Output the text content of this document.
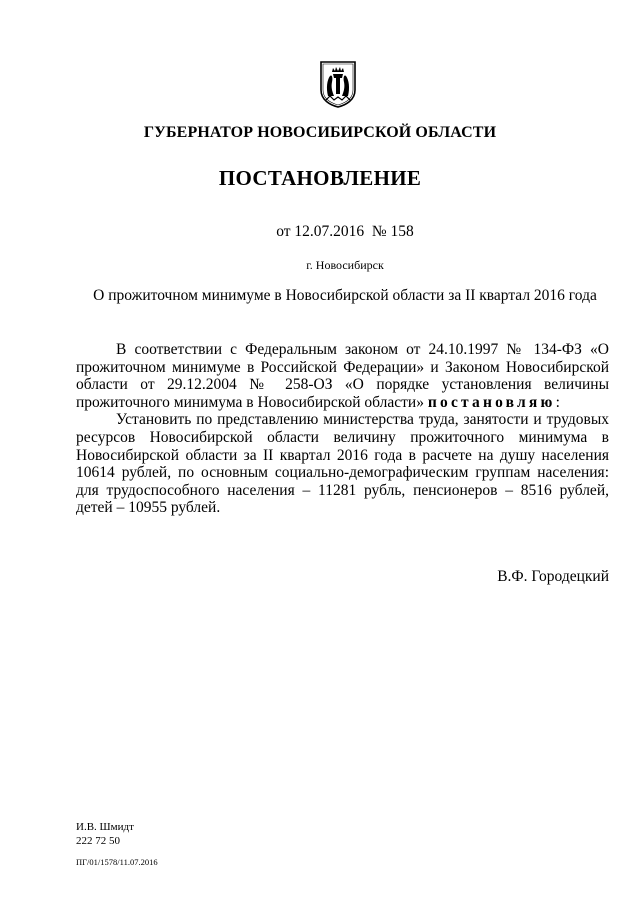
ГУБЕРНАТОР НОВОСИБИРСКОЙ ОБЛАСТИ
ПОСТАНОВЛЕНИЕ
от 12.07.2016  № 158
г. Новосибирск
О прожиточном минимуме в Новосибирской области за II квартал 2016 года

В соответствии с Федеральным законом от 24.10.1997 № 134-ФЗ «О прожиточном минимуме в Российской Федерации» и Законом Новосибирской области от 29.12.2004 № 258-ОЗ «О порядке установления величины прожиточного минимума в Новосибирской области» постановляю:

Установить по представлению министерства труда, занятости и трудовых ресурсов Новосибирской области величину прожиточного минимума в Новосибирской области за II квартал 2016 года в расчете на душу населения 10614 рублей, по основным социально-демографическим группам населения: для трудоспособного населения – 11281 рубль, пенсионеров – 8516 рублей, детей – 10955 рублей.

В.Ф. Городецкий
И.В. Шмидт
222 72 50
ПГ/01/1578/11.07.2016
